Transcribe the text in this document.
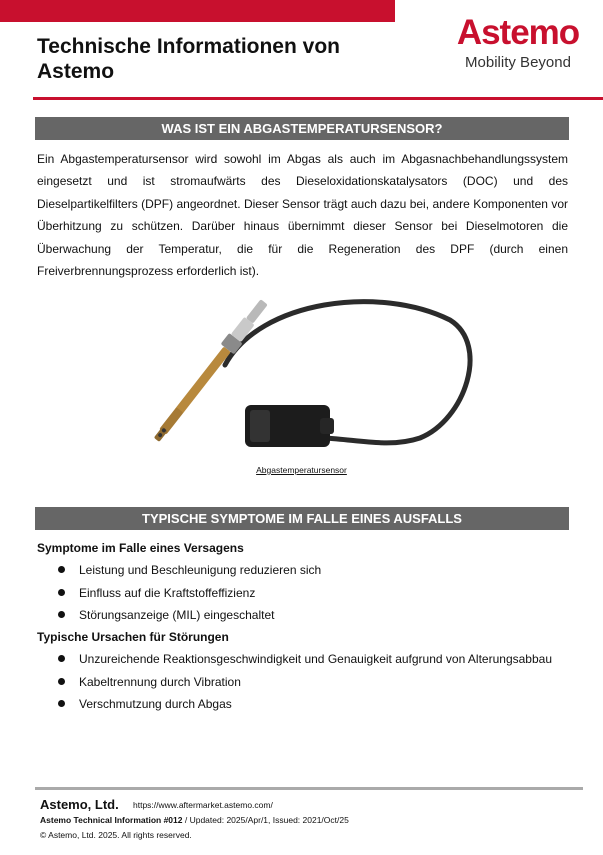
Technische Informationen von
Astemo
Astemo
Mobility Beyond
WAS IST EIN ABGASTEMPERATURSENSOR?
Ein Abgastemperatursensor wird sowohl im Abgas als auch im Abgasnachbehandlungssystem eingesetzt und ist stromaufwärts des Dieseloxidationskatalysators (DOC) und des Dieselpartikelfilters (DPF) angeordnet. Dieser Sensor trägt auch dazu bei, andere Komponenten vor Überhitzung zu schützen. Darüber hinaus übernimmt dieser Sensor bei Dieselmotoren die Überwachung der Temperatur, die für die Regeneration des DPF (durch einen Freiverbrennungsprozess erforderlich ist).
Abgastemperatursensor
TYPISCHE SYMPTOME IM FALLE EINES AUSFALLS
Symptome im Falle eines Versagens
Leistung und Beschleunigung reduzieren sich
Einfluss auf die Kraftstoffeffizienz
Störungsanzeige (MIL) eingeschaltet
Typische Ursachen für Störungen
Unzureichende Reaktionsgeschwindigkeit und Genauigkeit aufgrund von Alterungsabbau
Kabeltrennung durch Vibration
Verschmutzung durch Abgas
Astemo, Ltd. https://www.aftermarket.astemo.com/
Astemo Technical Information #012 / Updated: 2025/Apr/1, Issued: 2021/Oct/25
© Astemo, Ltd. 2025. All rights reserved.
